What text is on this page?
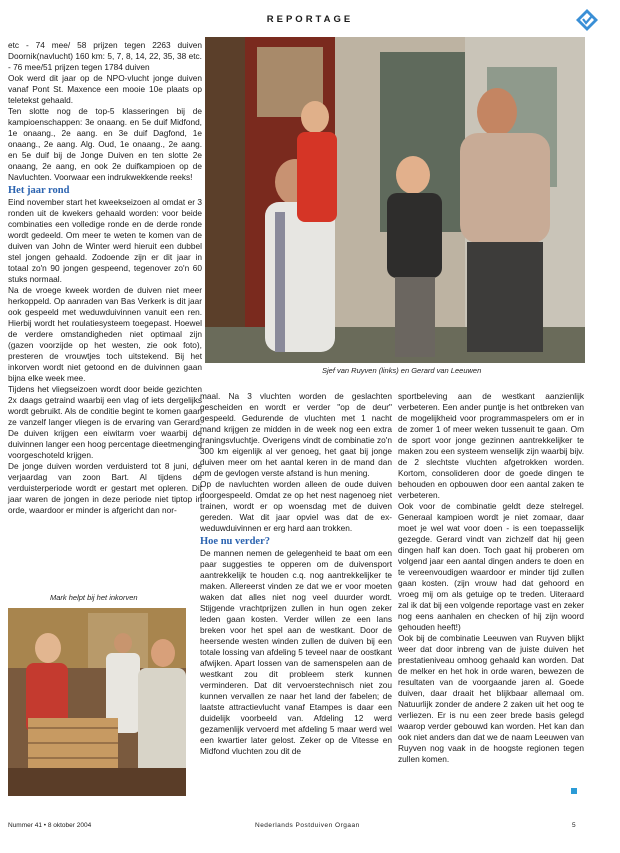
REPORTAGE

etc - 74 mee/ 58 prijzen tegen 2263 duiven Doornik(navlucht) 160 km: 5, 7, 8, 14, 22, 35, 38 etc. - 76 mee/51 prijzen tegen 1784 duiven

Ook werd dit jaar op de NPO-vlucht jonge duiven vanaf Pont St. Maxence een mooie 10e plaats op teletekst gehaald.

Ten slotte nog de top-5 klasseringen bij de kampioenschappen: 3e onaang. en 5e duif Midfond, 1e onaang., 2e aang. en 3e duif Dagfond, 1e onaang., 2e aang. Alg. Oud, 1e onaang., 2e aang. en 5e duif bij de Jonge Duiven en ten slotte 2e onaang, 2e aang, en ook 2e duifkampioen op de Navluchten. Voorwaar een indrukwekkende reeks!

Het jaar rond

Eind november start het kweekseizoen al omdat er 3 ronden uit de kwekers gehaald worden: voor beide combinaties een volledige ronde en de derde ronde wordt gedeeld. Om meer te weten te komen van de duiven van John de Winter werd hieruit een dubbel stel jongen gehaald. Zodoende zijn er dit jaar in totaal zo'n 90 jongen gespeend, tegenover zo'n 60 stuks normaal.

Na de vroege kweek worden de duiven niet meer herkoppeld. Op aanraden van Bas Verkerk is dit jaar ook gespeeld met weduwduivinnen vanuit een ren. Hierbij wordt het roulatiesysteem toegepast. Hoewel de verdere omstandigheden niet optimaal zijn (gazen voorzijde op het westen, zie ook foto), presteren de vrouwtjes toch uitstekend. Bij het inkorven wordt niet getoond en de duivinnen gaan bijna elke week mee.

Tijdens het vliegseizoen wordt door beide gezichten 2x daags getraind waarbij een vlag of iets dergelijks wordt gebruikt. Als de conditie begint te komen gaan ze vanzelf langer vliegen is de ervaring van Gerard. De duiven krijgen een eiwitarm voer waarbij de duivinnen langer een hoog percentage dieetmenging voorgeschoteld krijgen.

De jonge duiven worden verduisterd tot 8 juni, de verjaardag van zoon Bart. Al tijdens de verduisterperiode wordt er gestart met opleren. Dit jaar waren de jongen in deze periode niet tiptop in orde, waardoor er minder is afgericht dan nor-

Sjef van Ruyven (links) en Gerard van Leeuwen
Mark helpt bij het inkorven

maal. Na 3 vluchten worden de geslachten gescheiden en wordt er verder "op de deur" gespeeld. Gedurende de vluchten met 1 nacht mand krijgen ze midden in de week nog een extra traningsvluchtje. Overigens vindt de combinatie zo'n 300 km eigenlijk al ver genoeg, het gaat bij jonge duiven meer om het aantal keren in de mand dan om de gevlogen verste afstand is hun mening.

Op de navluchten worden alleen de oude duiven doorgespeeld. Omdat ze op het nest nagenoeg niet trainen, wordt er op woensdag met de duiven gereden. Wat dit jaar opviel was dat de ex-weduwduivinnen er erg hard aan trokken.

Hoe nu verder?

De mannen nemen de gelegenheid te baat om een paar suggesties te opperen om de duivensport aantrekkelijk te houden c.q. nog aantrekkelijker te maken. Allereerst vinden ze dat we er voor moeten waken dat alles niet nog veel duurder wordt. Stijgende vrachtprijzen zullen in hun ogen zeker leden gaan kosten. Verder willen ze een lans breken voor het spel aan de westkant. Door de heersende westen winden zullen de duiven bij een totale lossing van afdeling 5 teveel naar de oostkant afwijken. Apart lossen van de samenspelen aan de westkant zou dit probleem sterk kunnen verminderen. Dat dit vervoerstechnisch niet zou kunnen vervallen ze naar het land der fabelen; de laatste attractievlucht vanaf Etampes is daar een duidelijk voorbeeld van. Afdeling 12 werd gezamenlijk vervoerd met afdeling 5 maar werd wel een kwartier later gelost. Zeker op de Vitesse en Midfond vluchten zou dit de

sportbeleving aan de westkant aanzienlijk verbeteren. Een ander puntje is het ontbreken van de mogelijkheid voor programmaspelers om er in de zomer 1 of meer weken tussenuit te gaan. Om de sport voor jonge gezinnen aantrekkelijker te maken zou een systeem wenselijk zijn waarbij bijv. de 2 slechtste vluchten afgetrokken worden. Kortom, consolideren door de goede dingen te behouden en opbouwen door een aantal zaken te verbeteren.

Ook voor de combinatie geldt deze stelregel. Generaal kampioen wordt je niet zomaar, daar moet je wel wat voor doen - is een toepasselijk gezegde. Gerard vindt van zichzelf dat hij geen dingen half kan doen. Toch gaat hij proberen om volgend jaar een aantal dingen anders te doen en te vereenvoudigen waardoor er minder tijd zullen gaan kosten. (zijn vrouw had dat gehoord en vroeg mij om als getuige op te treden. Uiteraard zal ik dat bij een volgende reportage vast en zeker nog eens aanhalen en checken of hij zijn woord gehouden heeft!)

Ook bij de combinatie Leeuwen van Ruyven blijkt weer dat door inbreng van de juiste duiven het prestatieniveau omhoog gehaald kan worden. Dat de melker en het hok in orde waren, bewezen de resultaten van de voorgaande jaren al. Goede duiven, daar draait het blijkbaar allemaal om. Natuurlijk zonder de andere 2 zaken uit het oog te verliezen. Er is nu een zeer brede basis gelegd waarop verder gebouwd kan worden. Het kan dan ook niet anders dan dat we de naam Leeuwen van Ruyven nog vaak in de hoogste regionen tegen zullen komen.

Nummer 41 • 8 oktober 2004	Nederlands Postduiven Orgaan	5
